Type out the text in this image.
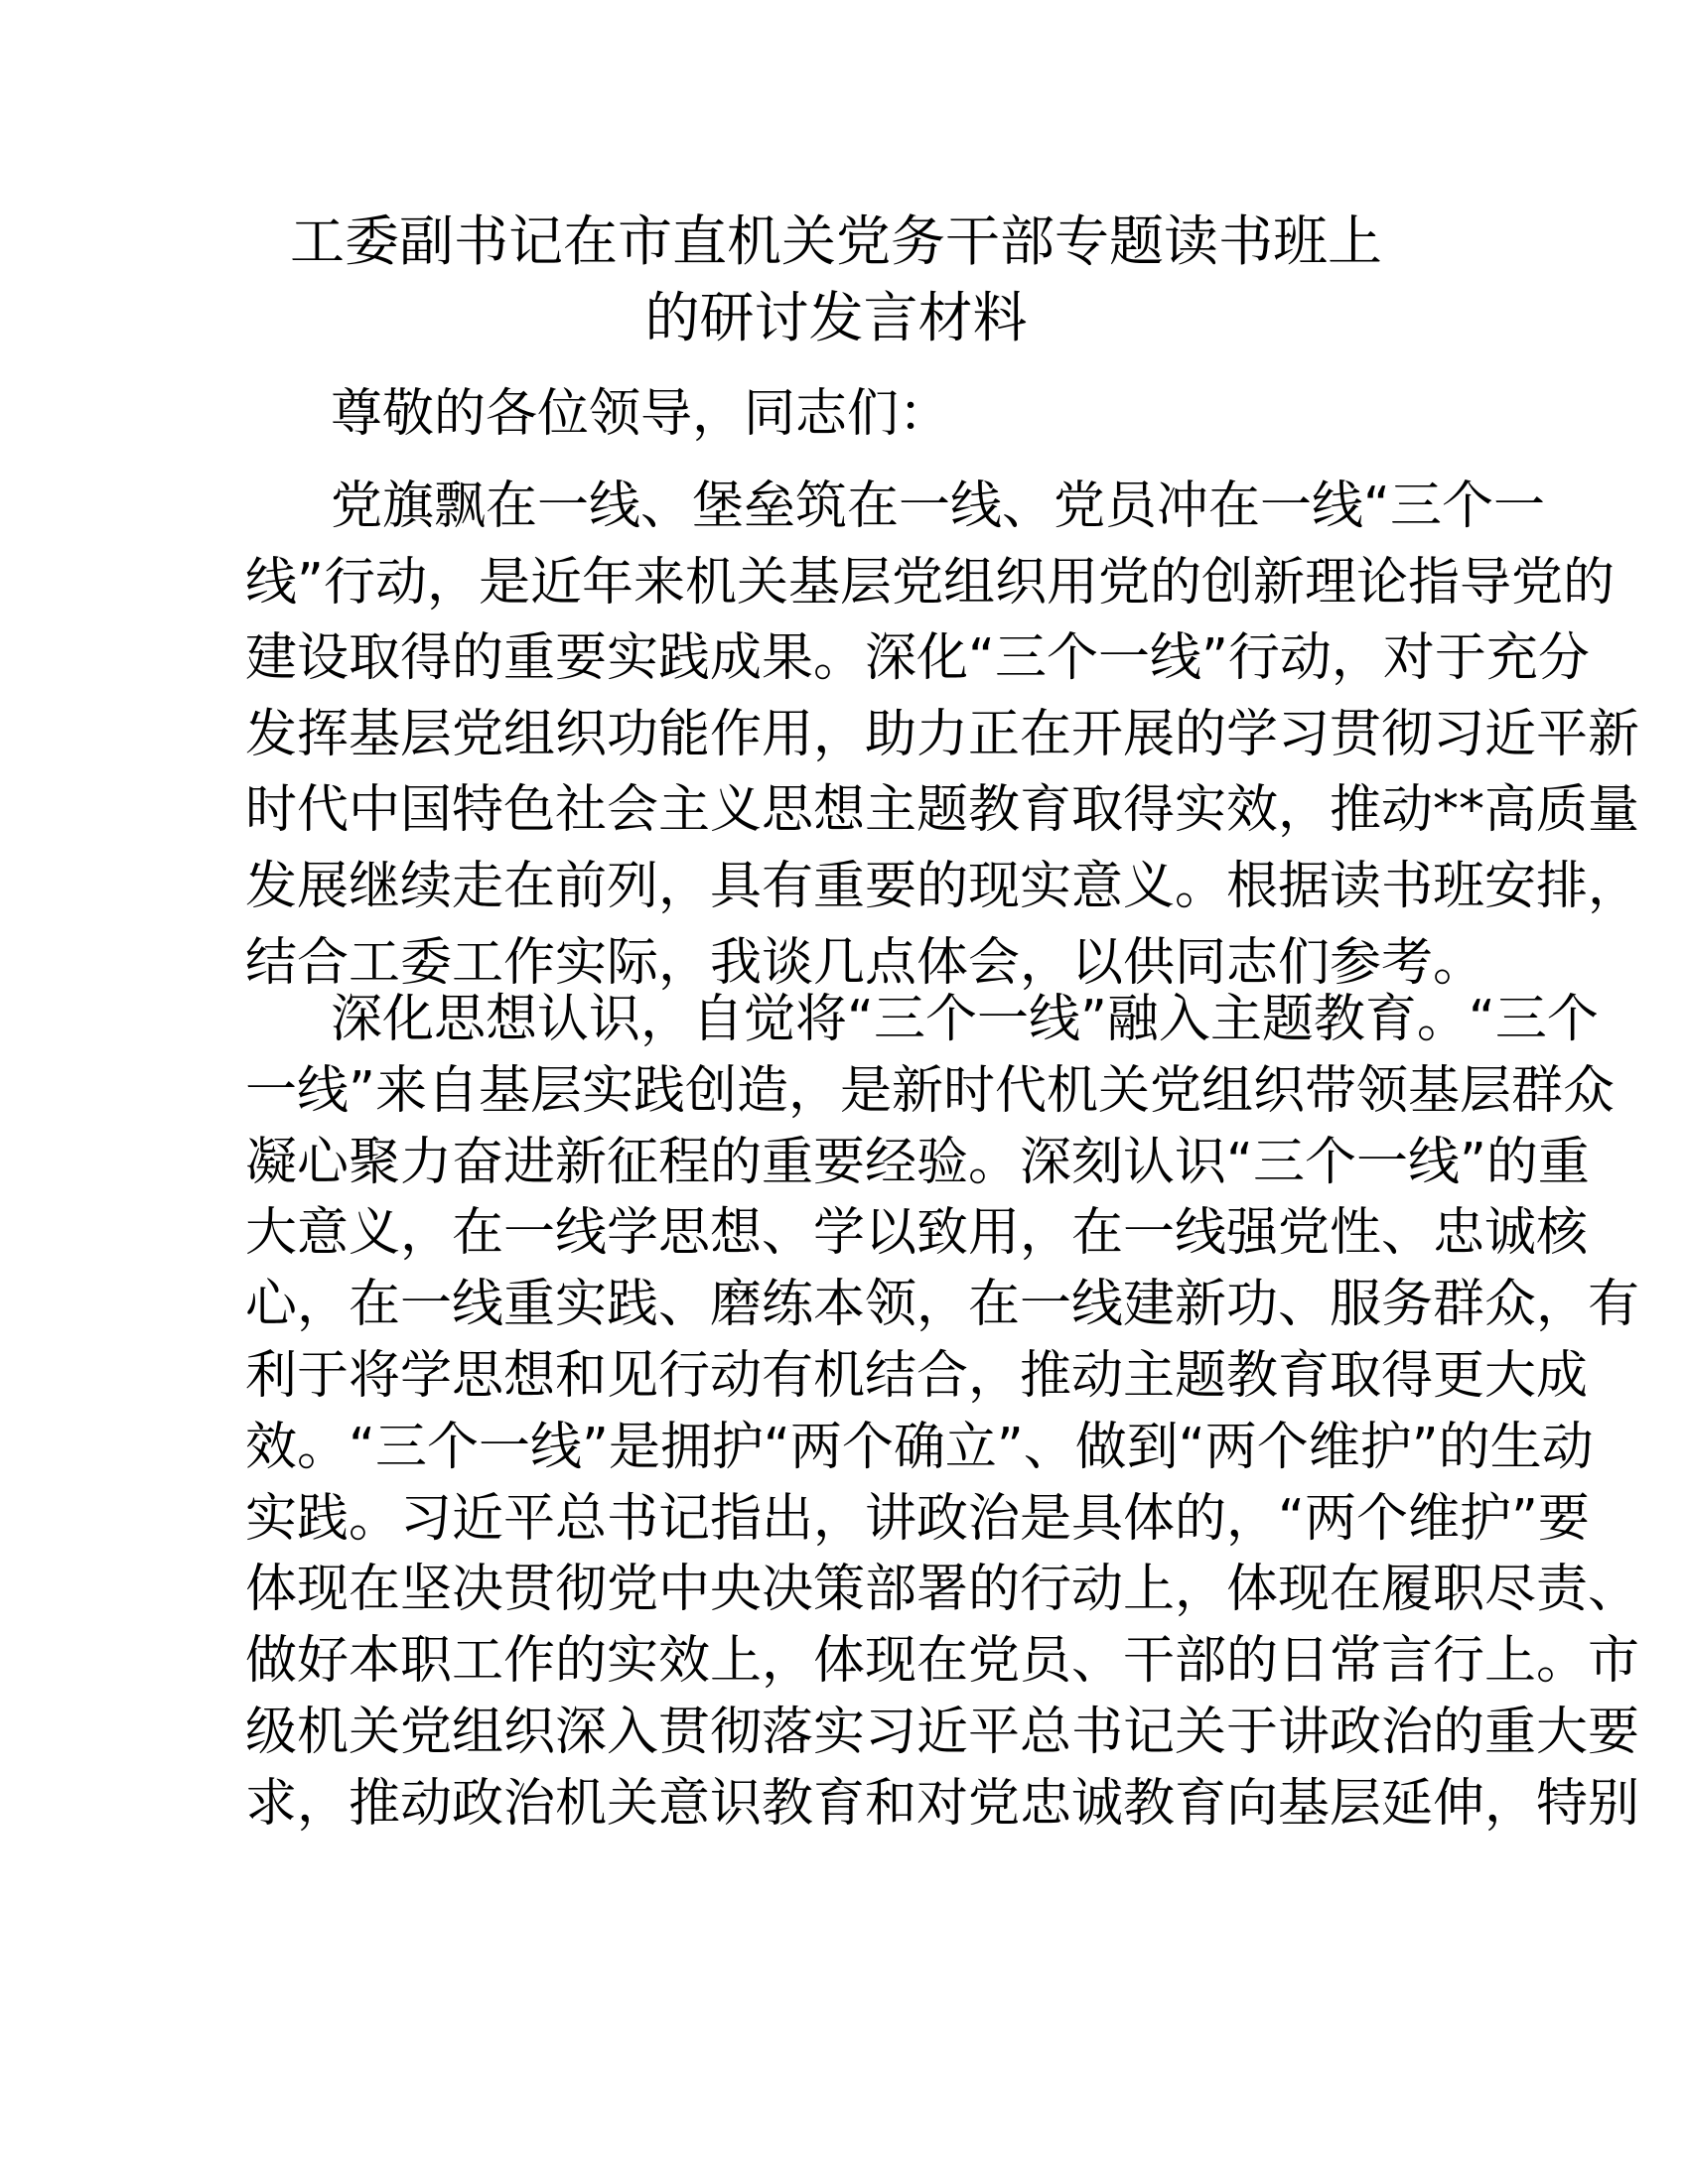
工委副书记在市直机关党务干部专题读书班上
的研讨发言材料
尊敬的各位领导，同志们：
党旗飘在一线、堡垒筑在一线、党员冲在一线“三个一
线”行动，是近年来机关基层党组织用党的创新理论指导党的
建设取得的重要实践成果。深化“三个一线”行动，对于充分
发挥基层党组织功能作用，助力正在开展的学习贯彻习近平新
时代中国特色社会主义思想主题教育取得实效，推动**高质量
发展继续走在前列，具有重要的现实意义。根据读书班安排，
结合工委工作实际，我谈几点体会，以供同志们参考。
深化思想认识，自觉将“三个一线”融入主题教育。“三个
一线”来自基层实践创造，是新时代机关党组织带领基层群众
凝心聚力奋进新征程的重要经验。深刻认识“三个一线”的重
大意义，在一线学思想、学以致用，在一线强党性、忠诚核
心，在一线重实践、磨练本领，在一线建新功、服务群众，有
利于将学思想和见行动有机结合，推动主题教育取得更大成
效。“三个一线”是拥护“两个确立”、做到“两个维护”的生动
实践。习近平总书记指出，讲政治是具体的，“两个维护”要
体现在坚决贯彻党中央决策部署的行动上，体现在履职尽责、
做好本职工作的实效上，体现在党员、干部的日常言行上。市
级机关党组织深入贯彻落实习近平总书记关于讲政治的重大要
求，推动政治机关意识教育和对党忠诚教育向基层延伸，特别
